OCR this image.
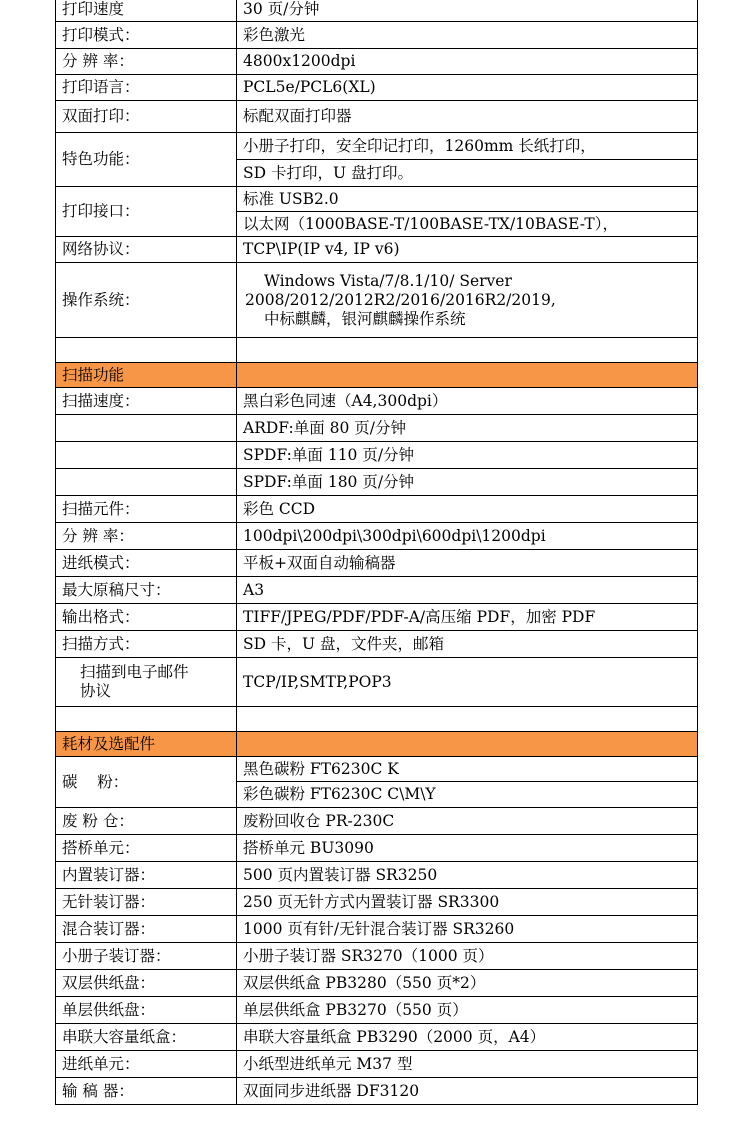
打印速度	30 页/分钟
打印模式：	彩色激光
分 辨 率：	4800x1200dpi
打印语言：	PCL5e/PCL6(XL)
双面打印：	标配双面打印器
特色功能：	小册子打印，安全印记打印，1260mm 长纸打印，
	SD 卡打印，U 盘打印。
打印接口：	标准 USB2.0
	以太网（1000BASE-T/100BASE-TX/10BASE-T），
网络协议：	TCP\IP(IP v4, IP v6)
操作系统：	Windows Vista/7/8.1/10/ Server
2008/2012/2012R2/2016/2016R2/2019,
中标麒麟，银河麒麟操作系统

扫描功能	
扫描速度：	黑白彩色同速（A4,300dpi）
	ARDF:单面 80 页/分钟
	SPDF:单面 110 页/分钟
	SPDF:单面 180 页/分钟
扫描元件：	彩色 CCD
分 辨 率：	100dpi\200dpi\300dpi\600dpi\1200dpi
进纸模式：	平板+双面自动输稿器
最大原稿尺寸：	A3
输出格式：	TIFF/JPEG/PDF/PDF-A/高压缩 PDF，加密 PDF
扫描方式：	SD 卡，U 盘，文件夹，邮箱

扫描到电子邮件
协议	TCP/IP,SMTP,POP3

耗材及选配件	
碳    粉：	黑色碳粉 FT6230C K
	彩色碳粉 FT6230C C\M\Y
废 粉 仓：	废粉回收仓 PR-230C
搭桥单元：	搭桥单元 BU3090
内置装订器：	500 页内置装订器 SR3250
无针装订器：	250 页无针方式内置装订器 SR3300
混合装订器：	1000 页有针/无针混合装订器 SR3260
小册子装订器：	小册子装订器 SR3270（1000 页）
双层供纸盘：	双层供纸盒 PB3280（550 页*2）
单层供纸盘：	单层供纸盒 PB3270（550 页）
串联大容量纸盒：	串联大容量纸盒 PB3290（2000 页，A4）
进纸单元：	小纸型进纸单元 M37 型
输 稿 器：	双面同步进纸器 DF3120
